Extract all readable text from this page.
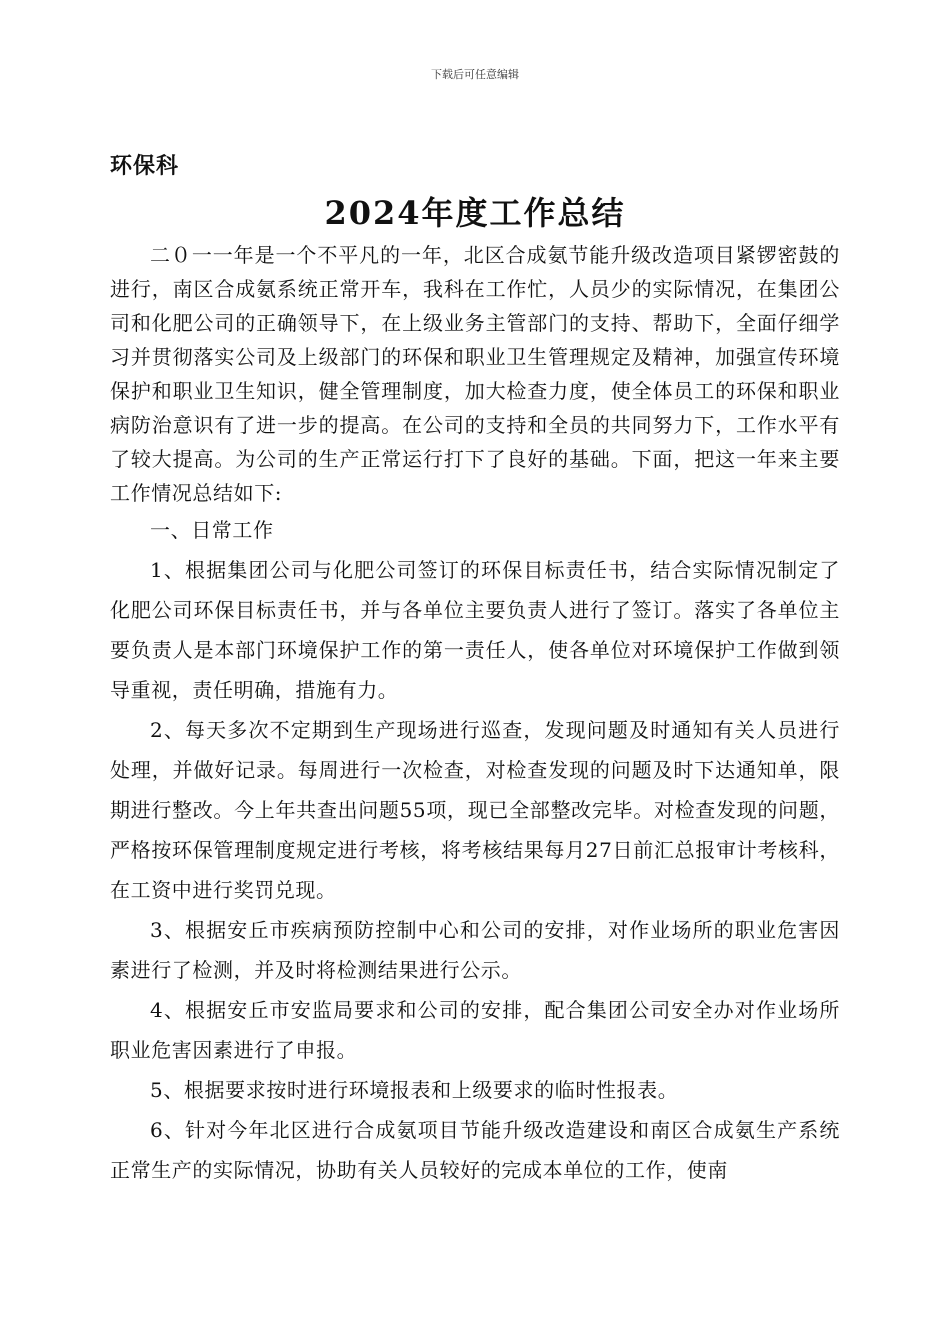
下载后可任意编辑
环保科
2024年度工作总结

二０一一年是一个不平凡的一年，北区合成氨节能升级改造项目紧锣密鼓的进行，南区合成氨系统正常开车，我科在工作忙，人员少的实际情况，在集团公司和化肥公司的正确领导下，在上级业务主管部门的支持、帮助下，全面仔细学习并贯彻落实公司及上级部门的环保和职业卫生管理规定及精神，加强宣传环境保护和职业卫生知识，健全管理制度，加大检查力度，使全体员工的环保和职业病防治意识有了进一步的提高。在公司的支持和全员的共同努力下，工作水平有了较大提高。为公司的生产正常运行打下了良好的基础。下面，把这一年来主要工作情况总结如下:

一、日常工作

1、根据集团公司与化肥公司签订的环保目标责任书，结合实际情况制定了化肥公司环保目标责任书，并与各单位主要负责人进行了签订。落实了各单位主要负责人是本部门环境保护工作的第一责任人，使各单位对环境保护工作做到领导重视，责任明确，措施有力。

2、每天多次不定期到生产现场进行巡查，发现问题及时通知有关人员进行处理，并做好记录。每周进行一次检查，对检查发现的问题及时下达通知单，限期进行整改。今上年共查出问题55项，现已全部整改完毕。对检查发现的问题，严格按环保管理制度规定进行考核，将考核结果每月27日前汇总报审计考核科，在工资中进行奖罚兑现。

3、根据安丘市疾病预防控制中心和公司的安排，对作业场所的职业危害因素进行了检测，并及时将检测结果进行公示。

4、根据安丘市安监局要求和公司的安排，配合集团公司安全办对作业场所职业危害因素进行了申报。

5、根据要求按时进行环境报表和上级要求的临时性报表。

6、针对今年北区进行合成氨项目节能升级改造建设和南区合成氨生产系统正常生产的实际情况，协助有关人员较好的完成本单位的工作，使南
